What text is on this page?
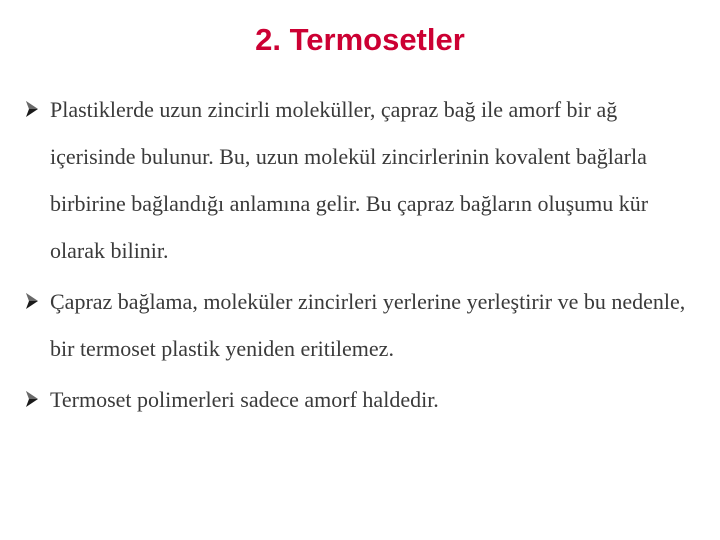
2. Termosetler
Plastiklerde uzun zincirli moleküller, çapraz bağ ile amorf bir ağ içerisinde bulunur. Bu, uzun molekül zincirlerinin kovalent bağlarla birbirine bağlandığı anlamına gelir. Bu çapraz bağların oluşumu kür olarak bilinir.
Çapraz bağlama, moleküler zincirleri yerlerine yerleştirir ve bu nedenle, bir termoset plastik yeniden eritilemez.
Termoset polimerleri sadece amorf haldedir.
